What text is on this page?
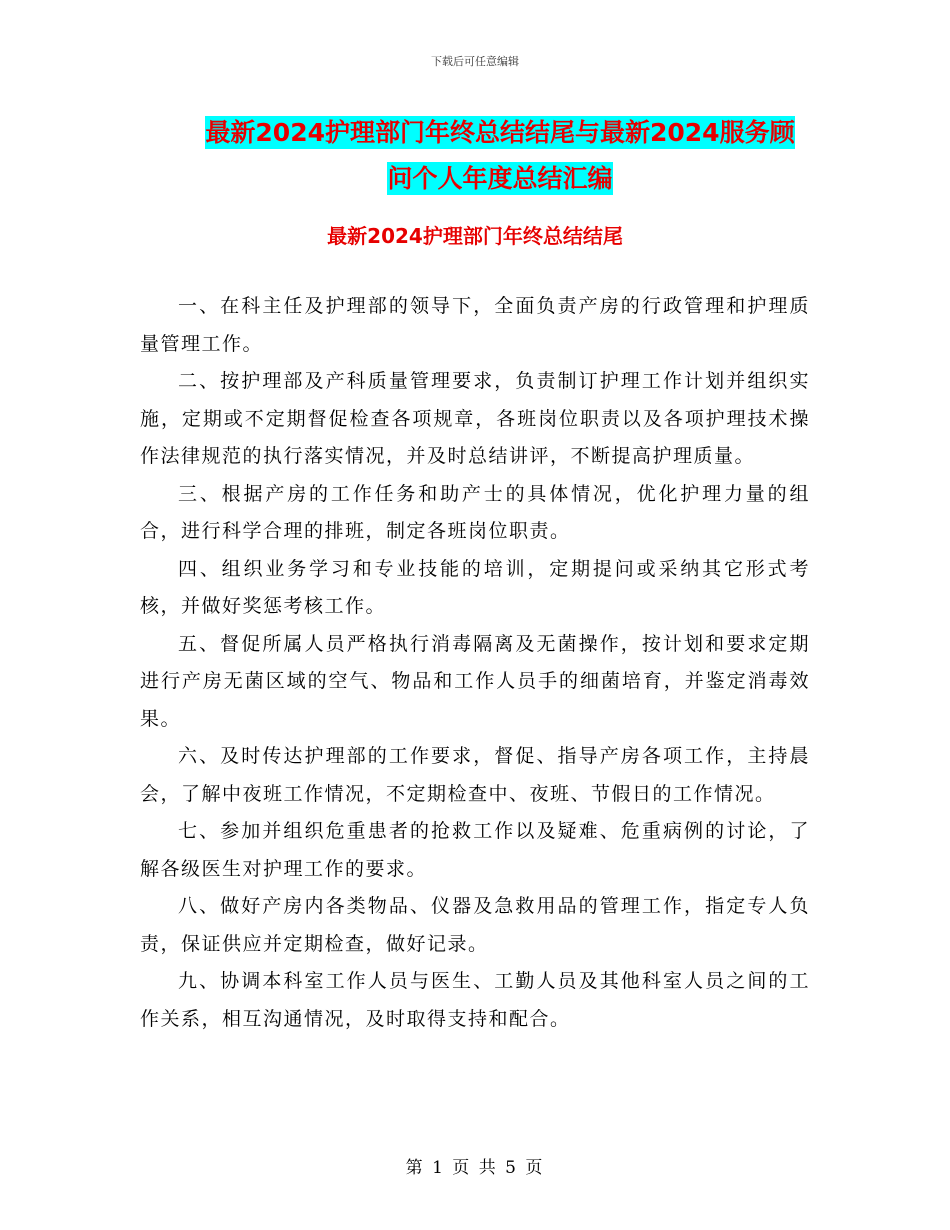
下载后可任意编辑
最新2024护理部门年终总结结尾与最新2024服务顾
问个人年度总结汇编
最新2024护理部门年终总结结尾

一、在科主任及护理部的领导下，全面负责产房的行政管理和护理质量管理工作。

二、按护理部及产科质量管理要求，负责制订护理工作计划并组织实施，定期或不定期督促检查各项规章，各班岗位职责以及各项护理技术操作法律规范的执行落实情况，并及时总结讲评，不断提高护理质量。

三、根据产房的工作任务和助产士的具体情况，优化护理力量的组合，进行科学合理的排班，制定各班岗位职责。

四、组织业务学习和专业技能的培训，定期提问或采纳其它形式考核，并做好奖惩考核工作。

五、督促所属人员严格执行消毒隔离及无菌操作，按计划和要求定期进行产房无菌区域的空气、物品和工作人员手的细菌培育，并鉴定消毒效果。

六、及时传达护理部的工作要求，督促、指导产房各项工作，主持晨会，了解中夜班工作情况，不定期检查中、夜班、节假日的工作情况。

七、参加并组织危重患者的抢救工作以及疑难、危重病例的讨论，了解各级医生对护理工作的要求。

八、做好产房内各类物品、仪器及急救用品的管理工作，指定专人负责，保证供应并定期检查，做好记录。

九、协调本科室工作人员与医生、工勤人员及其他科室人员之间的工作关系，相互沟通情况，及时取得支持和配合。

第 1 页 共 5 页
